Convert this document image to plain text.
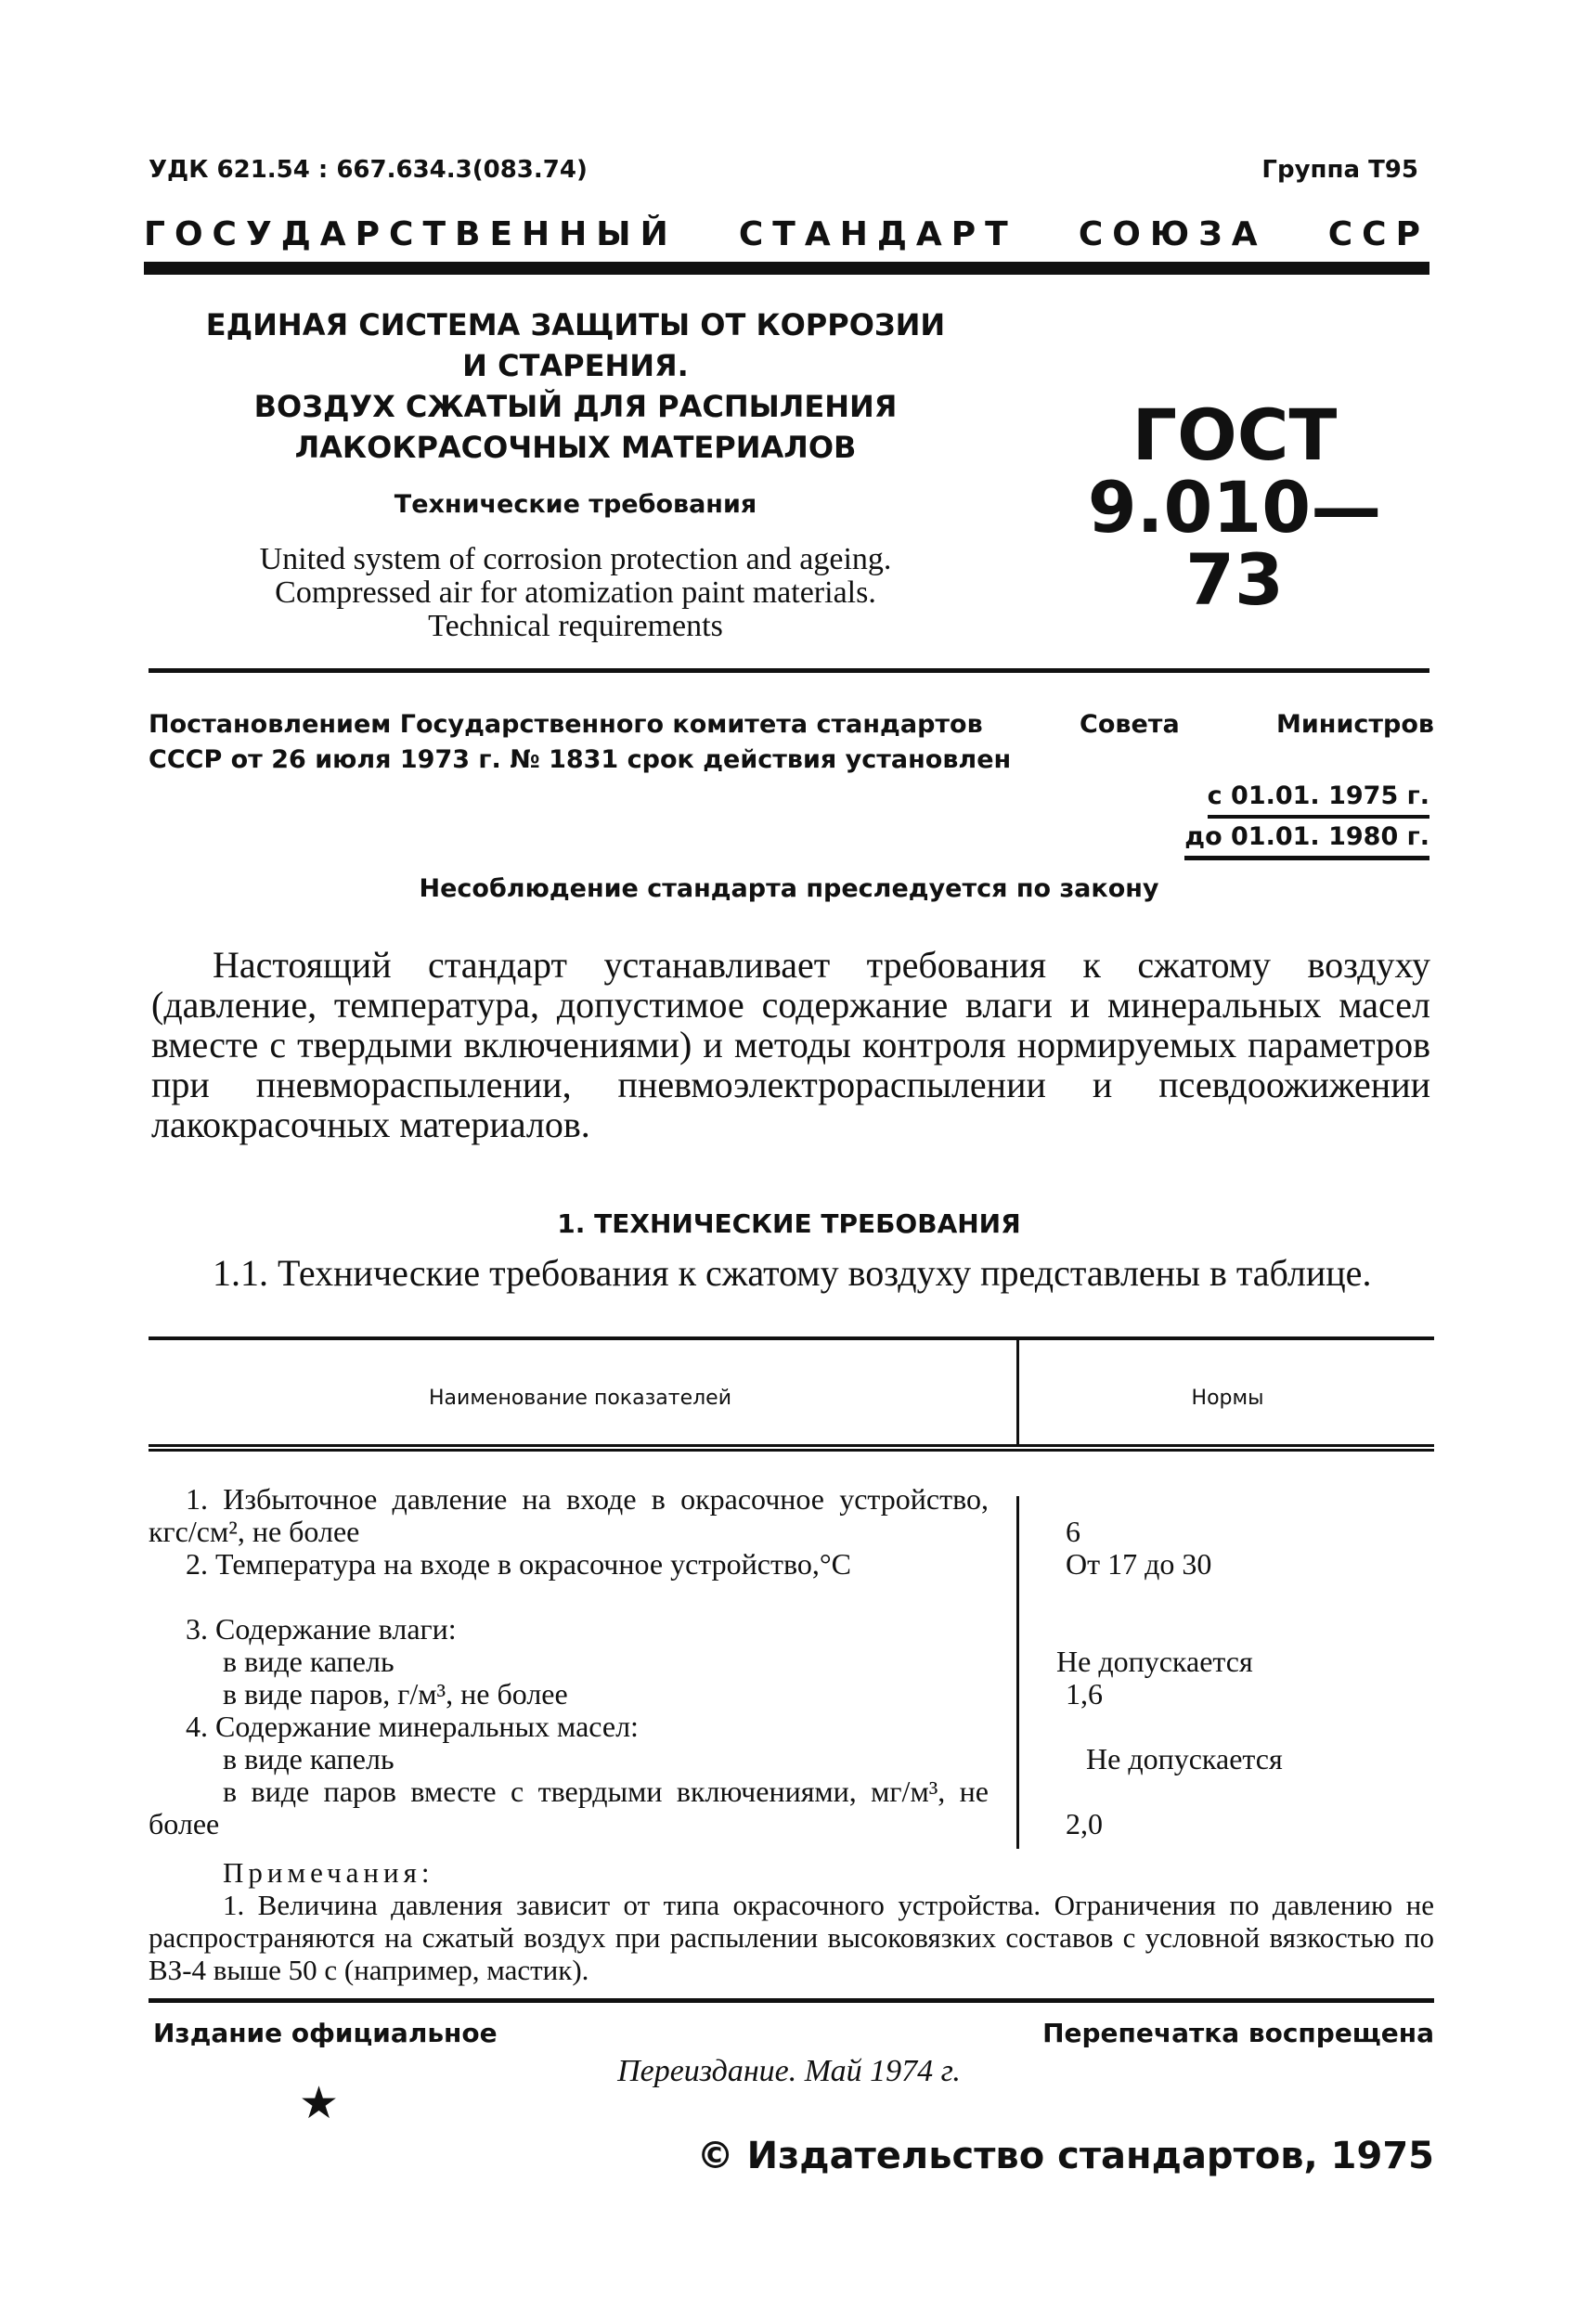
УДК 621.54 : 667.634.3(083.74)	Группа Т95
ГОСУДАРСТВЕННЫЙ СТАНДАРТ СОЮЗА ССР
ЕДИНАЯ СИСТЕМА ЗАЩИТЫ ОТ КОРРОЗИИ
И СТАРЕНИЯ.
ВОЗДУХ СЖАТЫЙ ДЛЯ РАСПЫЛЕНИЯ
ЛАКОКРАСОЧНЫХ МАТЕРИАЛОВ
Технические требования
United system of corrosion protection and ageing.
Compressed air for atomization paint materials.
Technical requirements
ГОСТ
9.010—73
Постановлением Государственного комитета стандартов	Совета	Министров
СССР от 26 июля 1973 г. № 1831 срок действия установлен
с 01.01. 1975 г.
до 01.01. 1980 г.
Несоблюдение стандарта преследуется по закону

Настоящий стандарт устанавливает требования к сжатому воздуху (давление, температура, допустимое содержание влаги и минеральных масел вместе с твердыми включениями) и методы контроля нормируемых параметров при пневмораспылении, пневмоэлектрораспылении и псевдоожижении лакокрасочных материалов.

1. ТЕХНИЧЕСКИЕ ТРЕБОВАНИЯ

1.1. Технические требования к сжатому воздуху представлены в таблице.

Наименование показателей	Нормы
1. Избыточное давление на входе в окрасочное устройство, кгс/см², не более	6
2. Температура на входе в окрасочное устройство,°С	От 17 до 30
3. Содержание влаги:
в виде капель	Не допускается
в виде паров, г/м³, не более	1,6
4. Содержание минеральных масел:
в виде капель	Не допускается
в виде паров вместе с твердыми включениями, мг/м³, не более	2,0
Примечания:

1. Величина давления зависит от типа окрасочного устройства. Ограничения по давлению не распространяются на сжатый воздух при распылении высоковязких составов с условной вязкостью по ВЗ-4 выше 50 с (например, мастик).

Издание официальное	Перепечатка воспрещена
Переиздание. Май 1974 г.
★
© Издательство стандартов, 1975
